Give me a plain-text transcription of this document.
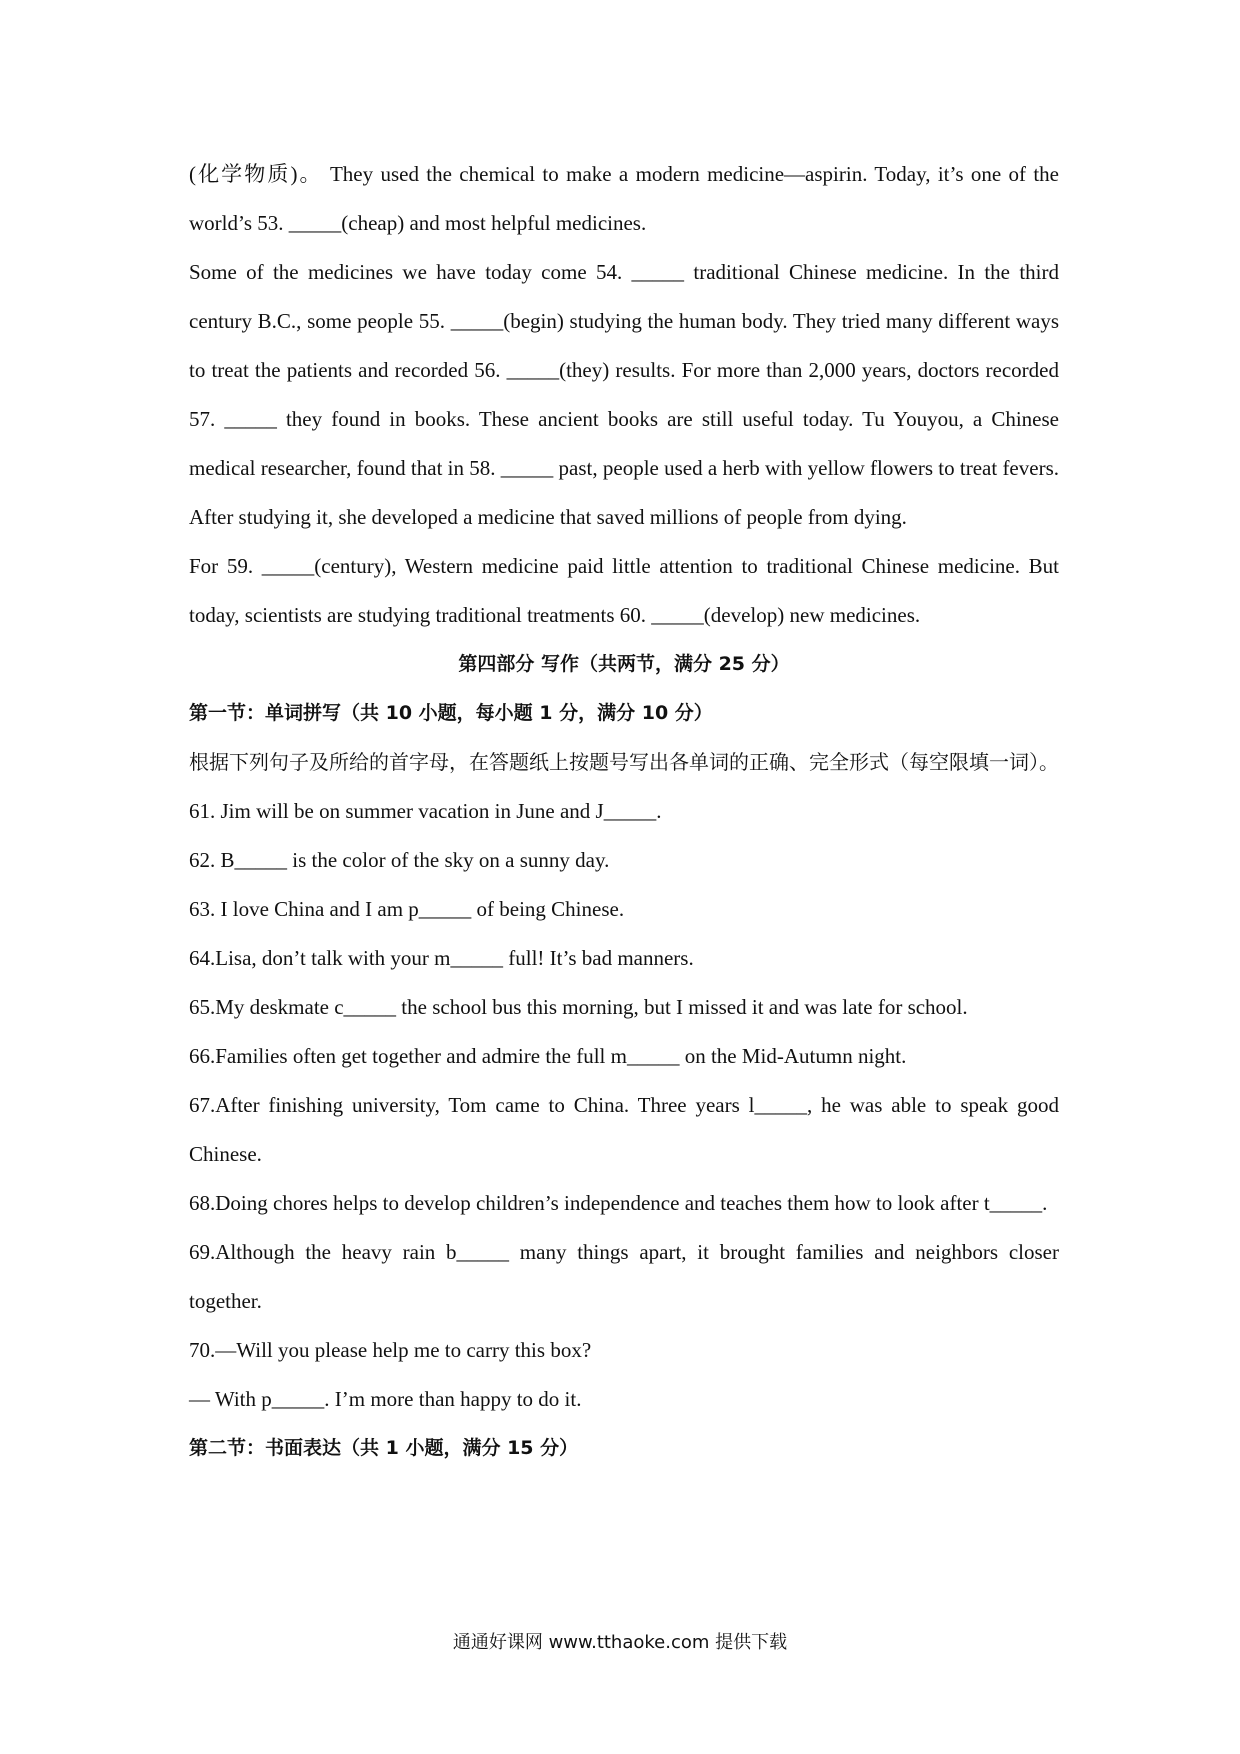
(化学物质)。 They used the chemical to make a modern medicine—aspirin. Today, it’s one of the world’s 53. _____(cheap) and most helpful medicines.

Some of the medicines we have today come 54. _____ traditional Chinese medicine. In the third century B.C., some people 55. _____(begin) studying the human body. They tried many different ways to treat the patients and recorded 56. _____(they) results. For more than 2,000 years, doctors recorded 57. _____ they found in books. These ancient books are still useful today. Tu Youyou, a Chinese medical researcher, found that in 58. _____ past, people used a herb with yellow flowers to treat fevers. After studying it, she developed a medicine that saved millions of people from dying.

For 59. _____(century), Western medicine paid little attention to traditional Chinese medicine. But today, scientists are studying traditional treatments 60. _____(develop) new medicines.

第四部分 写作（共两节，满分 25 分）

第一节：单词拼写（共 10 小题，每小题 1 分，满分 10 分）

根据下列句子及所给的首字母，在答题纸上按题号写出各单词的正确、完全形式（每空限填一词）。

61. Jim will be on summer vacation in June and J_____.

62. B_____ is the color of the sky on a sunny day.

63. I love China and I am p_____ of being Chinese.

64.Lisa, don’t talk with your m_____ full! It’s bad manners.

65.My deskmate c_____ the school bus this morning, but I missed it and was late for school.

66.Families often get together and admire the full m_____ on the Mid-Autumn night.

67.After finishing university, Tom came to China. Three years l_____, he was able to speak good Chinese.

68.Doing chores helps to develop children’s independence and teaches them how to look after t_____.

69.Although the heavy rain b_____ many things apart, it brought families and neighbors closer together.

70.—Will you please help me to carry this box?

— With p_____. I’m more than happy to do it.

第二节：书面表达（共 1 小题，满分 15 分）

通通好课网 www.tthaoke.com 提供下载
